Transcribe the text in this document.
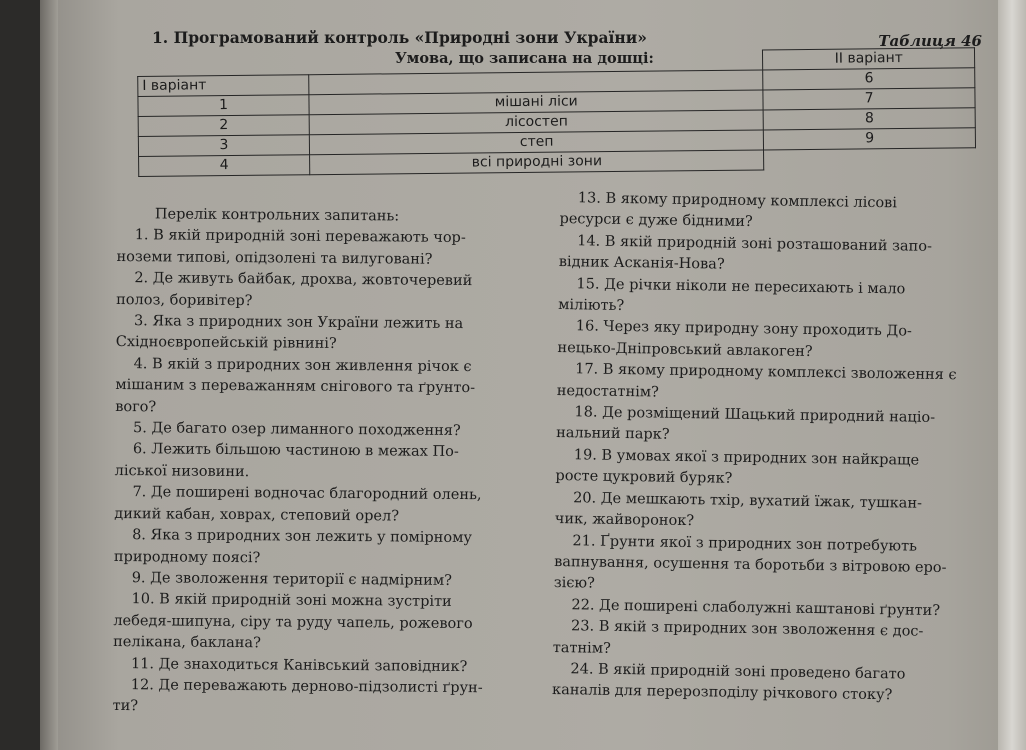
1. Програмований контроль «Природні зони України»	Таблиця 46
Умова, що записана на дошці:
			ІІ варіант
І варіант		6
1	мішані ліси	7
2	лісостеп	8
3	степ	9
4	всі природні зони	

Перелік контрольних запитань:

1. В якій природній зоні переважають чор-

ноземи типові, опідзолені та вилуговані?

2. Де живуть байбак, дрохва, жовточеревий

полоз, боривітер?

3. Яка з природних зон України лежить на

Східноєвропейській рівнині?

4. В якій з природних зон живлення річок є

мішаним з переважанням снігового та ґрунто-

вого?

5. Де багато озер лиманного походження?

6. Лежить більшою частиною в межах По-

ліської низовини.

7. Де поширені водночас благородний олень,

дикий кабан, ховрах, степовий орел?

8. Яка з природних зон лежить у помірному

природному поясі?

9. Де зволоження території є надмірним?

10. В якій природній зоні можна зустріти

лебедя-шипуна, сіру та руду чапель, рожевого

пелікана, баклана?

11. Де знаходиться Канівський заповідник?

12. Де переважають дерново-підзолисті ґрун-

ти?

13. В якому природному комплексі лісові

ресурси є дуже бідними?

14. В якій природній зоні розташований запо-

відник Асканія-Нова?

15. Де річки ніколи не пересихають і мало

міліють?

16. Через яку природну зону проходить До-

нецько-Дніпровський авлакоген?

17. В якому природному комплексі зволоження є

недостатнім?

18. Де розміщений Шацький природний націо-

нальний парк?

19. В умовах якої з природних зон найкраще

росте цукровий буряк?

20. Де мешкають тхір, вухатий їжак, тушкан-

чик, жайворонок?

21. Ґрунти якої з природних зон потребують

вапнування, осушення та боротьби з вітровою еро-

зією?

22. Де поширені слаболужні каштанові ґрунти?

23. В якій з природних зон зволоження є дос-

татнім?

24. В якій природній зоні проведено багато

каналів для перерозподілу річкового стоку?
